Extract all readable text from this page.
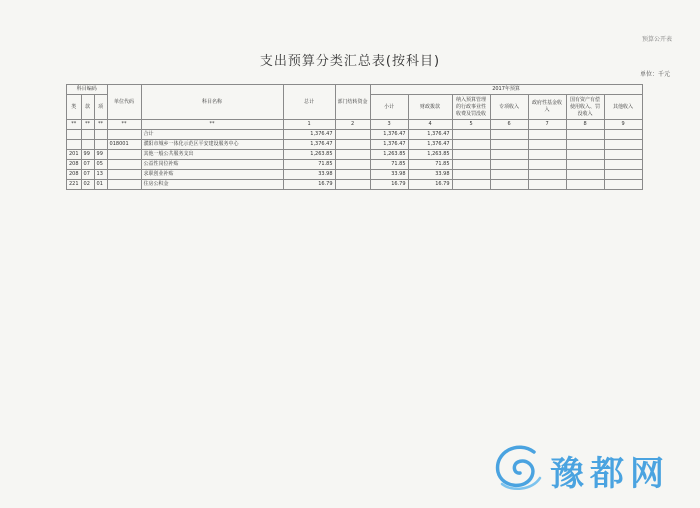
预算公开表
支出预算分类汇总表(按科目)
单位：千元
科目编码			单位代码	科目名称	总计	部门结转资金	2017年预算						
类	款	项					小计	财政拨款	纳入预算管理的行政事业性收费及罚没收	专项收入	政府性基金收入	国有资产有偿使用收入、罚没收入	其他收入
**	**	**	**	**	1	2	3	4	5	6	7	8	9
				合计	1,376.47		1,376.47	1,376.47					
			018001	濮阳市城乡一体化示范区平安建设服务中心	1,376.47		1,376.47	1,376.47					
201	99	99		其他一般公共服务支出	1,263.85		1,263.85	1,263.85					
208	07	05		公益性岗位补贴	71.85		71.85	71.85					
208	07	13		求职创业补贴	33.98		33.98	33.98					
221	02	01		住房公积金	16.79		16.79	16.79					
豫都网
